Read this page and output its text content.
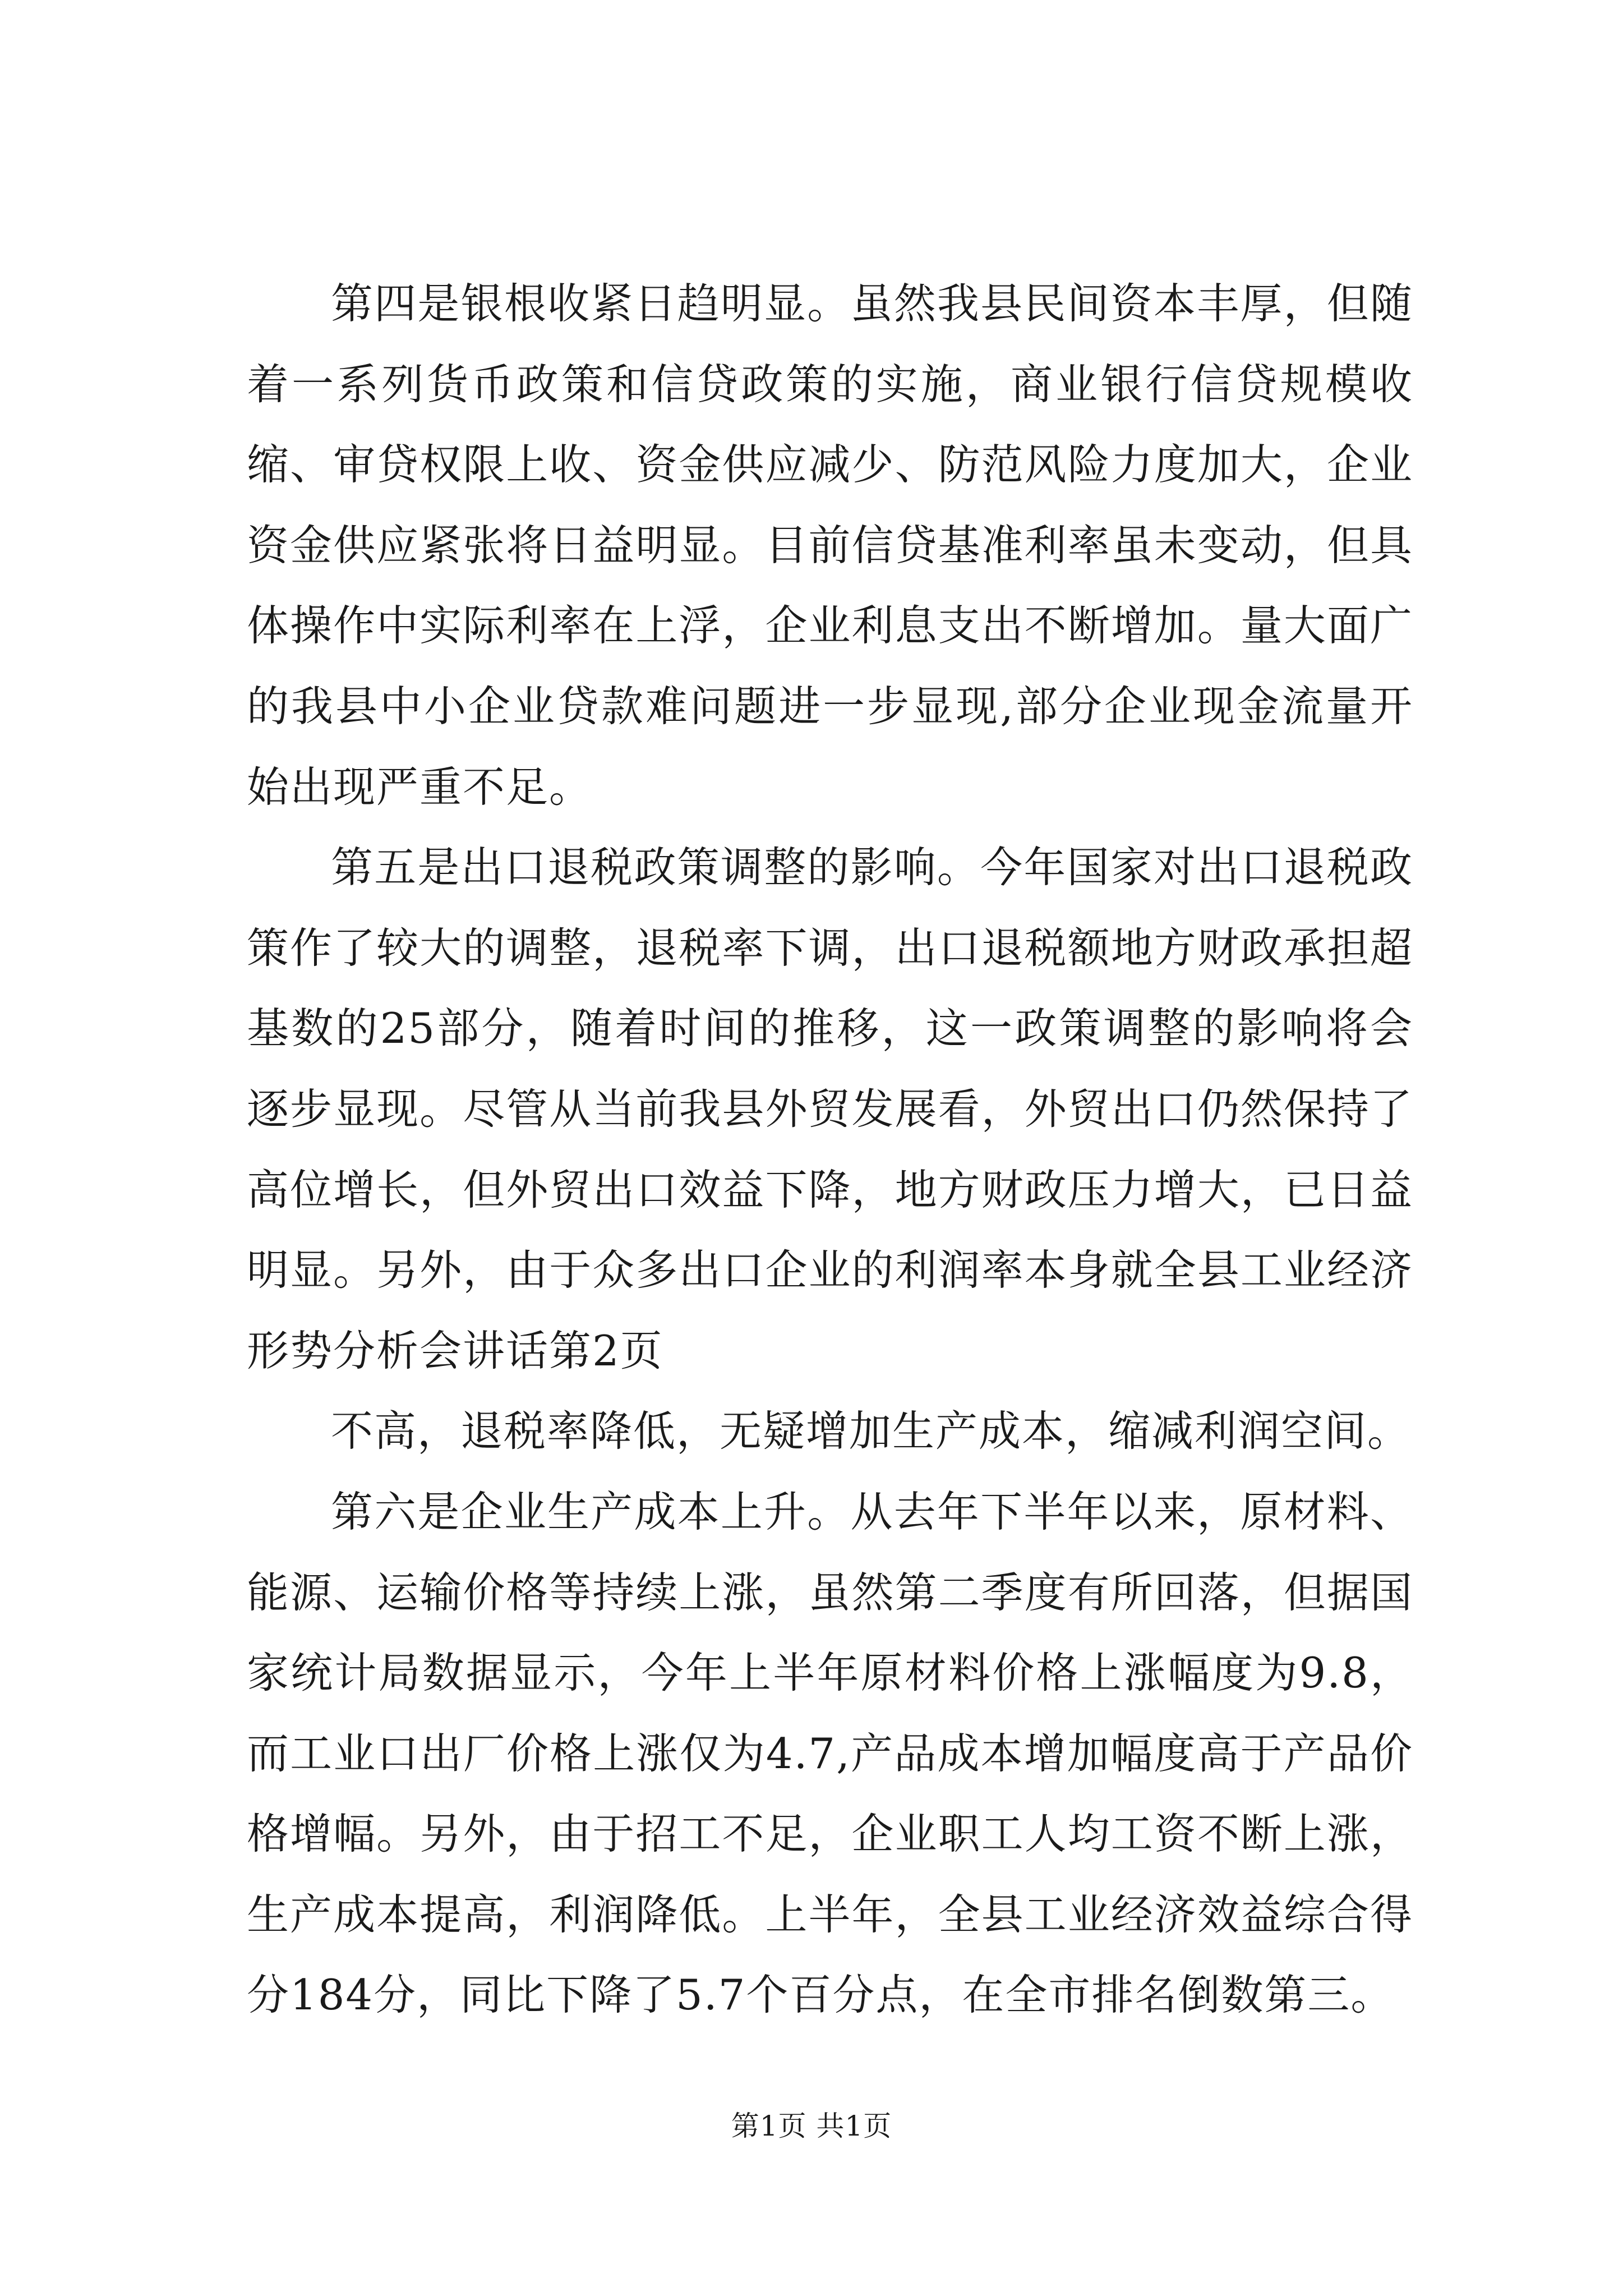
第四是银根收紧日趋明显。虽然我县民间资本丰厚，但随着一系列货币政策和信贷政策的实施，商业银行信贷规模收缩、审贷权限上收、资金供应减少、防范风险力度加大，企业资金供应紧张将日益明显。目前信贷基准利率虽未变动，但具体操作中实际利率在上浮，企业利息支出不断增加。量大面广的我县中小企业贷款难问题进一步显现,部分企业现金流量开始出现严重不足。

第五是出口退税政策调整的影响。今年国家对出口退税政策作了较大的调整，退税率下调，出口退税额地方财政承担超基数的25部分，随着时间的推移，这一政策调整的影响将会逐步显现。尽管从当前我县外贸发展看，外贸出口仍然保持了高位增长，但外贸出口效益下降，地方财政压力增大，已日益明显。另外，由于众多出口企业的利润率本身就全县工业经济形势分析会讲话第2页

不高，退税率降低，无疑增加生产成本，缩减利润空间。

第六是企业生产成本上升。从去年下半年以来，原材料、能源、运输价格等持续上涨，虽然第二季度有所回落，但据国家统计局数据显示，今年上半年原材料价格上涨幅度为9.8，而工业口出厂价格上涨仅为4.7,产品成本增加幅度高于产品价格增幅。另外，由于招工不足，企业职工人均工资不断上涨，生产成本提高，利润降低。上半年，全县工业经济效益综合得分184分，同比下降了5.7个百分点，在全市排名倒数第三。

第1页 共1页
